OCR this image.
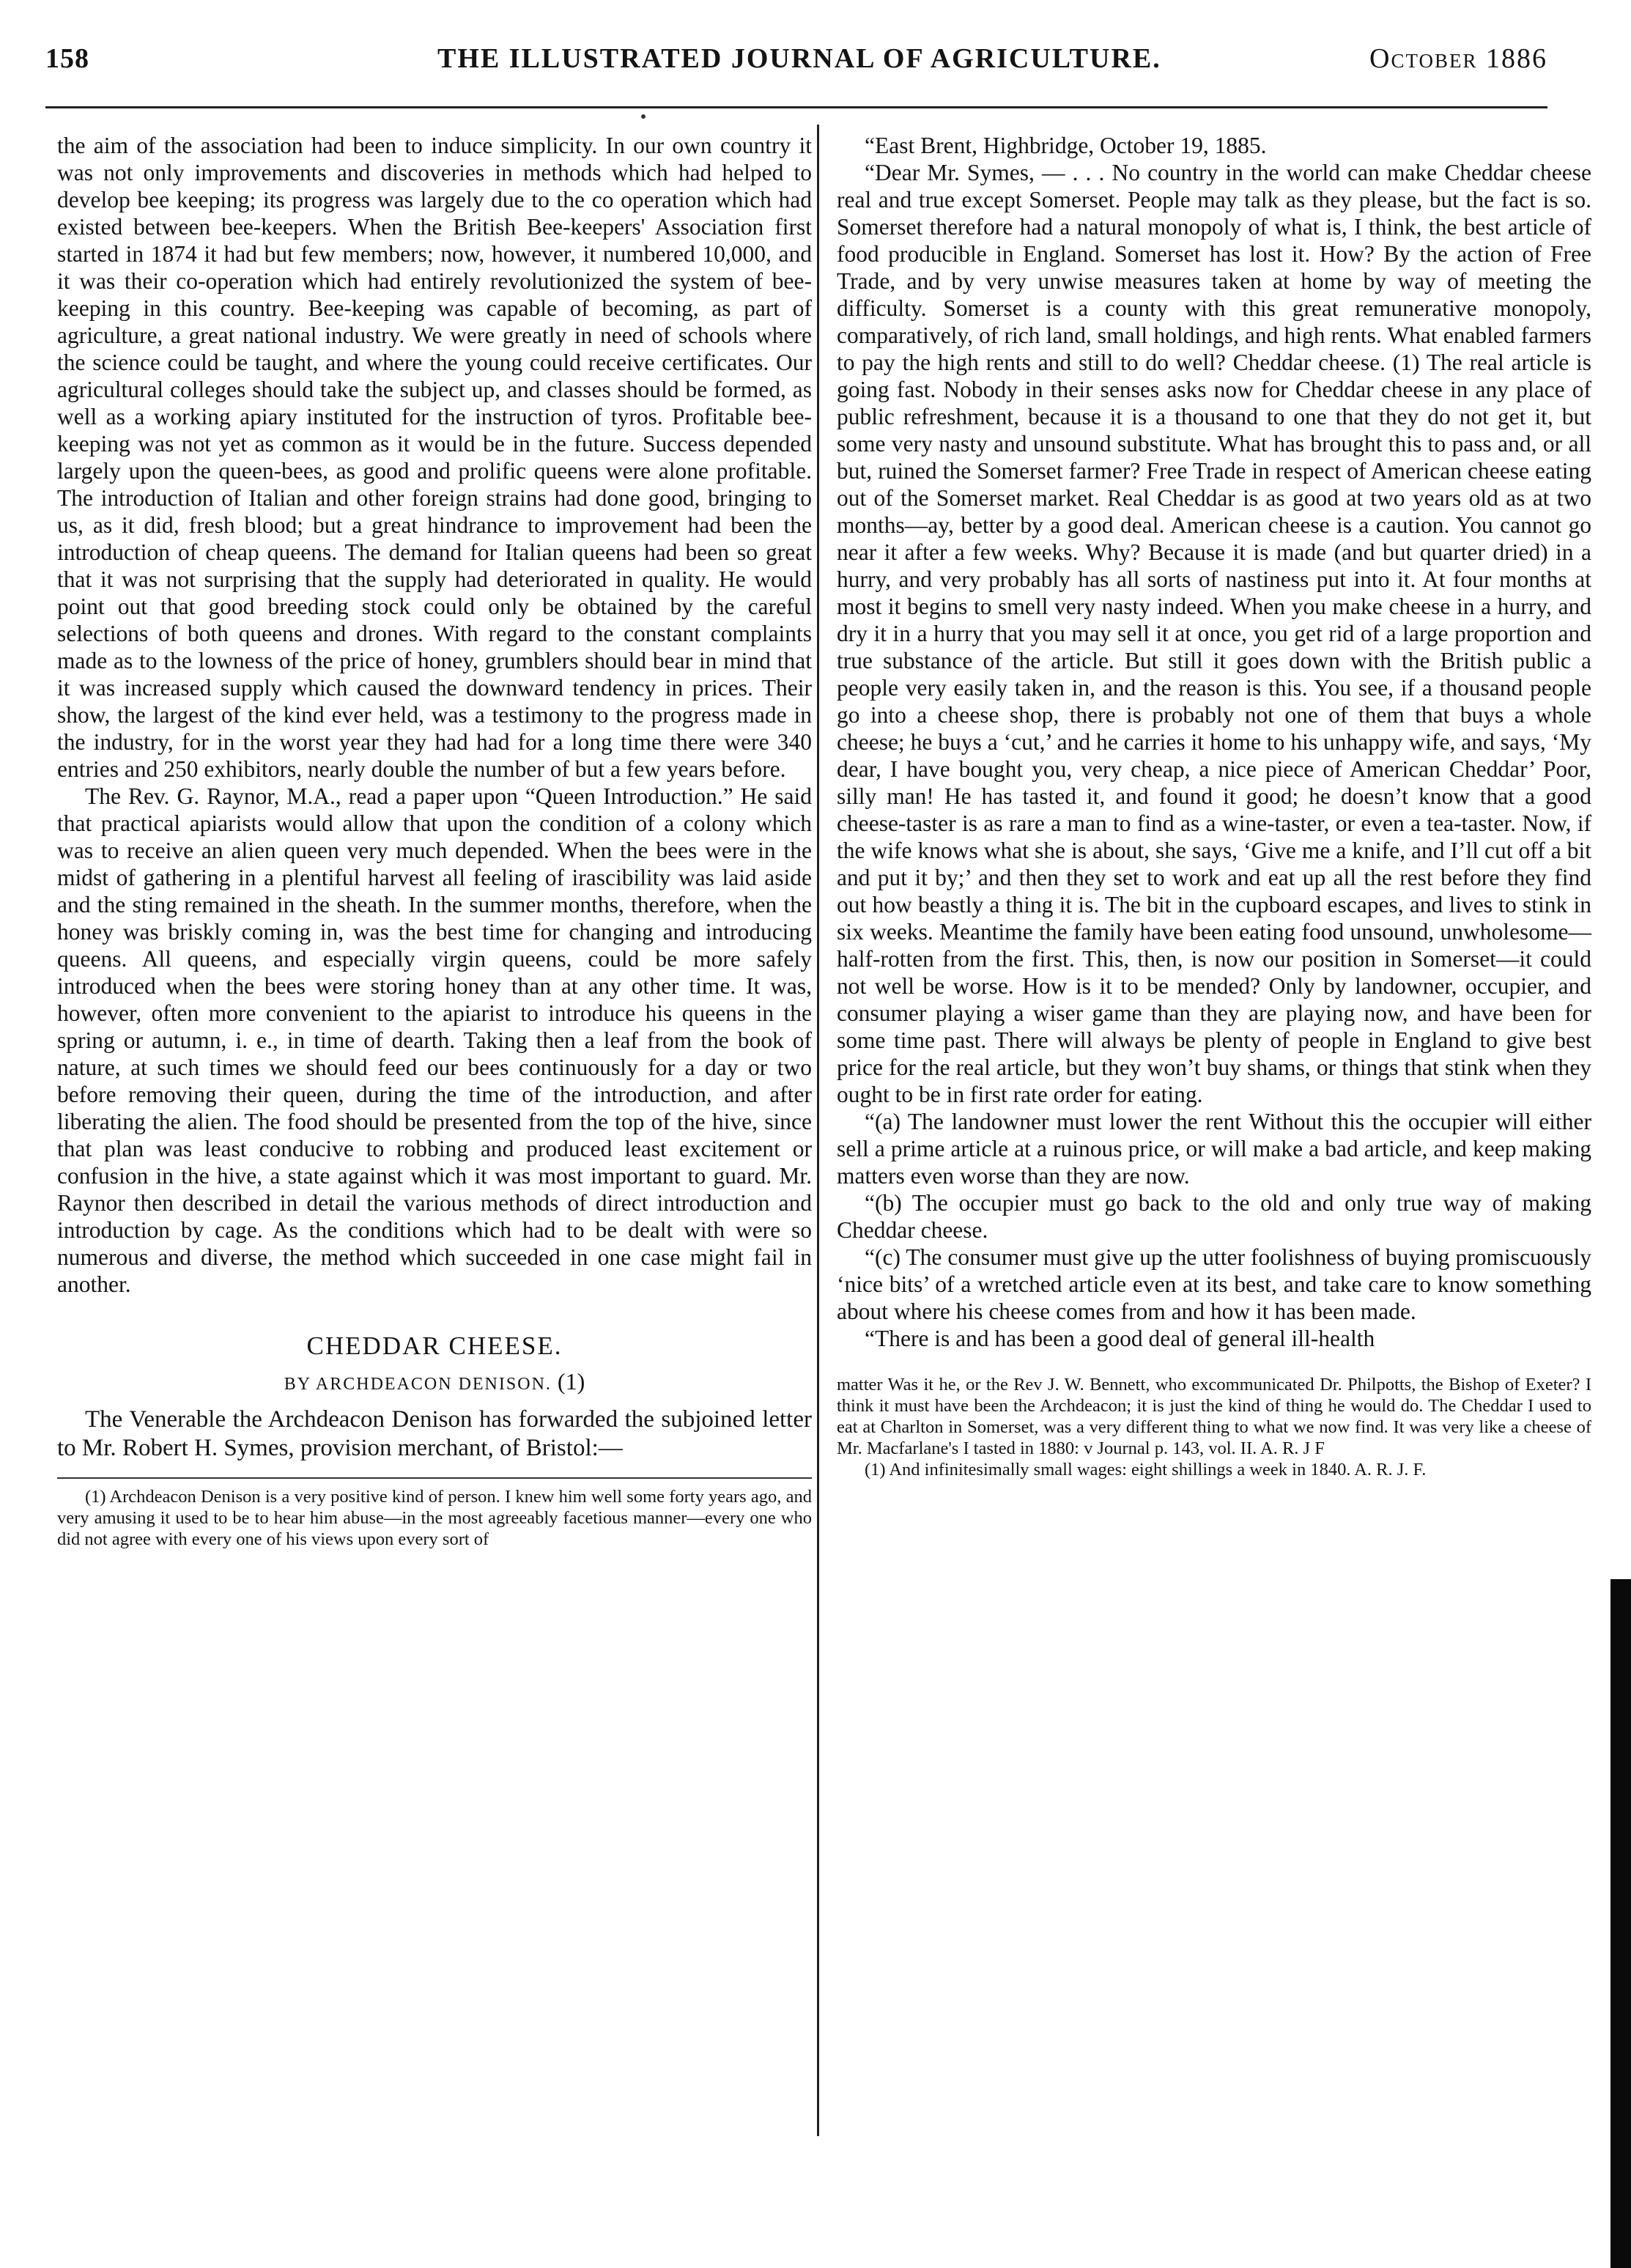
158	THE ILLUSTRATED JOURNAL OF AGRICULTURE.	October 1886

the aim of the association had been to induce simplicity. In our own country it was not only improvements and discoveries in methods which had helped to develop bee keeping; its progress was largely due to the co operation which had existed between bee-keepers. When the British Bee-keepers' Association first started in 1874 it had but few members; now, however, it numbered 10,000, and it was their co-operation which had entirely revolutionized the system of bee-keeping in this country. Bee-keeping was capable of becoming, as part of agriculture, a great national industry. We were greatly in need of schools where the science could be taught, and where the young could receive certificates. Our agricultural colleges should take the subject up, and classes should be formed, as well as a working apiary instituted for the instruction of tyros. Profitable bee-keeping was not yet as common as it would be in the future. Success depended largely upon the queen-bees, as good and prolific queens were alone profitable. The introduction of Italian and other foreign strains had done good, bringing to us, as it did, fresh blood; but a great hindrance to improvement had been the introduction of cheap queens. The demand for Italian queens had been so great that it was not surprising that the supply had deteriorated in quality. He would point out that good breeding stock could only be obtained by the careful selections of both queens and drones. With regard to the constant complaints made as to the lowness of the price of honey, grumblers should bear in mind that it was increased supply which caused the downward tendency in prices. Their show, the largest of the kind ever held, was a testimony to the progress made in the industry, for in the worst year they had had for a long time there were 340 entries and 250 exhibitors, nearly double the number of but a few years before.

The Rev. G. Raynor, M.A., read a paper upon “Queen Introduction.” He said that practical apiarists would allow that upon the condition of a colony which was to receive an alien queen very much depended. When the bees were in the midst of gathering in a plentiful harvest all feeling of irascibility was laid aside and the sting remained in the sheath. In the summer months, therefore, when the honey was briskly coming in, was the best time for changing and introducing queens. All queens, and especially virgin queens, could be more safely introduced when the bees were storing honey than at any other time. It was, however, often more convenient to the apiarist to introduce his queens in the spring or autumn, i. e., in time of dearth. Taking then a leaf from the book of nature, at such times we should feed our bees continuously for a day or two before removing their queen, during the time of the introduction, and after liberating the alien. The food should be presented from the top of the hive, since that plan was least conducive to robbing and produced least excitement or confusion in the hive, a state against which it was most important to guard. Mr. Raynor then described in detail the various methods of direct introduction and introduction by cage. As the conditions which had to be dealt with were so numerous and diverse, the method which succeeded in one case might fail in another.

CHEDDAR CHEESE.
BY ARCHDEACON DENISON. (1)

The Venerable the Archdeacon Denison has forwarded the subjoined letter to Mr. Robert H. Symes, provision merchant, of Bristol:—

(1) Archdeacon Denison is a very positive kind of person. I knew him well some forty years ago, and very amusing it used to be to hear him abuse—in the most agreeably facetious manner—every one who did not agree with every one of his views upon every sort of

“East Brent, Highbridge, October 19, 1885.

“Dear Mr. Symes, — . . . No country in the world can make Cheddar cheese real and true except Somerset. People may talk as they please, but the fact is so. Somerset therefore had a natural monopoly of what is, I think, the best article of food producible in England. Somerset has lost it. How? By the action of Free Trade, and by very unwise measures taken at home by way of meeting the difficulty. Somerset is a county with this great remunerative monopoly, comparatively, of rich land, small holdings, and high rents. What enabled farmers to pay the high rents and still to do well? Cheddar cheese. (1) The real article is going fast. Nobody in their senses asks now for Cheddar cheese in any place of public refreshment, because it is a thousand to one that they do not get it, but some very nasty and unsound substitute. What has brought this to pass and, or all but, ruined the Somerset farmer? Free Trade in respect of American cheese eating out of the Somerset market. Real Cheddar is as good at two years old as at two months—ay, better by a good deal. American cheese is a caution. You cannot go near it after a few weeks. Why? Because it is made (and but quarter dried) in a hurry, and very probably has all sorts of nastiness put into it. At four months at most it begins to smell very nasty indeed. When you make cheese in a hurry, and dry it in a hurry that you may sell it at once, you get rid of a large proportion and true substance of the article. But still it goes down with the British public a people very easily taken in, and the reason is this. You see, if a thousand people go into a cheese shop, there is probably not one of them that buys a whole cheese; he buys a ‘cut,’ and he carries it home to his unhappy wife, and says, ‘My dear, I have bought you, very cheap, a nice piece of American Cheddar’ Poor, silly man! He has tasted it, and found it good; he doesn’t know that a good cheese-taster is as rare a man to find as a wine-taster, or even a tea-taster. Now, if the wife knows what she is about, she says, ‘Give me a knife, and I’ll cut off a bit and put it by;’ and then they set to work and eat up all the rest before they find out how beastly a thing it is. The bit in the cupboard escapes, and lives to stink in six weeks. Meantime the family have been eating food unsound, unwholesome—half-rotten from the first. This, then, is now our position in Somerset—it could not well be worse. How is it to be mended? Only by landowner, occupier, and consumer playing a wiser game than they are playing now, and have been for some time past. There will always be plenty of people in England to give best price for the real article, but they won’t buy shams, or things that stink when they ought to be in first rate order for eating.

“(a) The landowner must lower the rent Without this the occupier will either sell a prime article at a ruinous price, or will make a bad article, and keep making matters even worse than they are now.

“(b) The occupier must go back to the old and only true way of making Cheddar cheese.

“(c) The consumer must give up the utter foolishness of buying promiscuously ‘nice bits’ of a wretched article even at its best, and take care to know something about where his cheese comes from and how it has been made.

“There is and has been a good deal of general ill-health

matter Was it he, or the Rev J. W. Bennett, who excommunicated Dr. Philpotts, the Bishop of Exeter? I think it must have been the Archdeacon; it is just the kind of thing he would do. The Cheddar I used to eat at Charlton in Somerset, was a very different thing to what we now find. It was very like a cheese of Mr. Macfarlane's I tasted in 1880: v Journal p. 143, vol. II. A. R. J F

(1) And infinitesimally small wages: eight shillings a week in 1840. A. R. J. F.
